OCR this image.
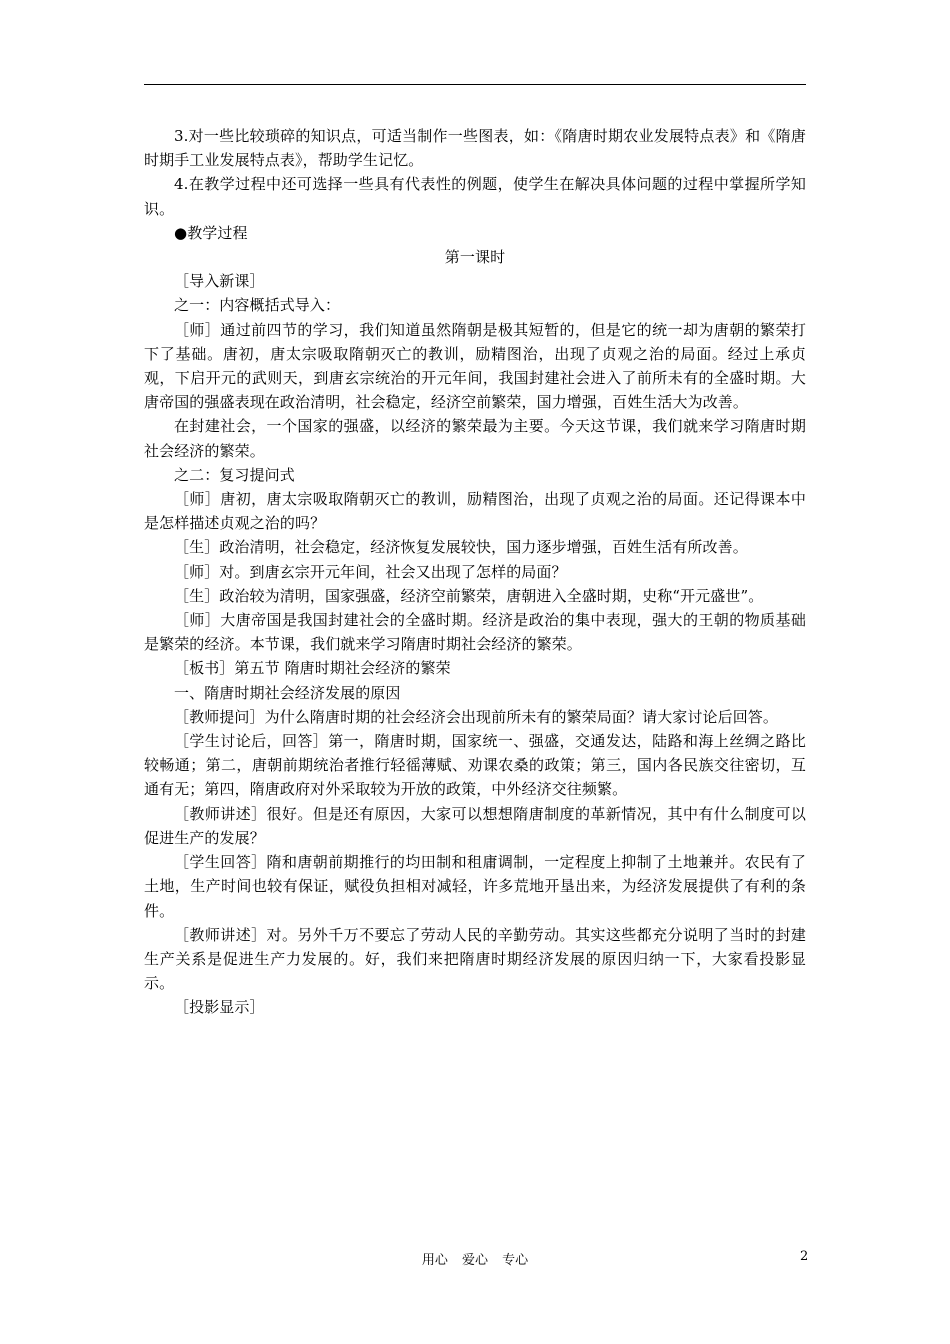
3.对一些比较琐碎的知识点，可适当制作一些图表，如：《隋唐时期农业发展特点表》和《隋唐时期手工业发展特点表》，帮助学生记忆。

4.在教学过程中还可选择一些具有代表性的例题，使学生在解决具体问题的过程中掌握所学知识。

●教学过程

第一课时

［导入新课］

之一：内容概括式导入：

［师］通过前四节的学习，我们知道虽然隋朝是极其短暂的，但是它的统一却为唐朝的繁荣打下了基础。唐初，唐太宗吸取隋朝灭亡的教训，励精图治，出现了贞观之治的局面。经过上承贞观，下启开元的武则天，到唐玄宗统治的开元年间，我国封建社会进入了前所未有的全盛时期。大唐帝国的强盛表现在政治清明，社会稳定，经济空前繁荣，国力增强，百姓生活大为改善。

在封建社会，一个国家的强盛，以经济的繁荣最为主要。今天这节课，我们就来学习隋唐时期社会经济的繁荣。

之二：复习提问式

［师］唐初，唐太宗吸取隋朝灭亡的教训，励精图治，出现了贞观之治的局面。还记得课本中是怎样描述贞观之治的吗？

［生］政治清明，社会稳定，经济恢复发展较快，国力逐步增强，百姓生活有所改善。

［师］对。到唐玄宗开元年间，社会又出现了怎样的局面？

［生］政治较为清明，国家强盛，经济空前繁荣，唐朝进入全盛时期，史称“开元盛世”。

［师］大唐帝国是我国封建社会的全盛时期。经济是政治的集中表现，强大的王朝的物质基础是繁荣的经济。本节课，我们就来学习隋唐时期社会经济的繁荣。

［板书］第五节 隋唐时期社会经济的繁荣

一、隋唐时期社会经济发展的原因

［教师提问］为什么隋唐时期的社会经济会出现前所未有的繁荣局面？请大家讨论后回答。

［学生讨论后，回答］第一，隋唐时期，国家统一、强盛，交通发达，陆路和海上丝绸之路比较畅通；第二，唐朝前期统治者推行轻徭薄赋、劝课农桑的政策；第三，国内各民族交往密切，互通有无；第四，隋唐政府对外采取较为开放的政策，中外经济交往频繁。

［教师讲述］很好。但是还有原因，大家可以想想隋唐制度的革新情况，其中有什么制度可以促进生产的发展？

［学生回答］隋和唐朝前期推行的均田制和租庸调制，一定程度上抑制了土地兼并。农民有了土地，生产时间也较有保证，赋役负担相对减轻，许多荒地开垦出来，为经济发展提供了有利的条件。

［教师讲述］对。另外千万不要忘了劳动人民的辛勤劳动。其实这些都充分说明了当时的封建生产关系是促进生产力发展的。好，我们来把隋唐时期经济发展的原因归纳一下，大家看投影显示。

［投影显示］

用心 爱心 专心	2
